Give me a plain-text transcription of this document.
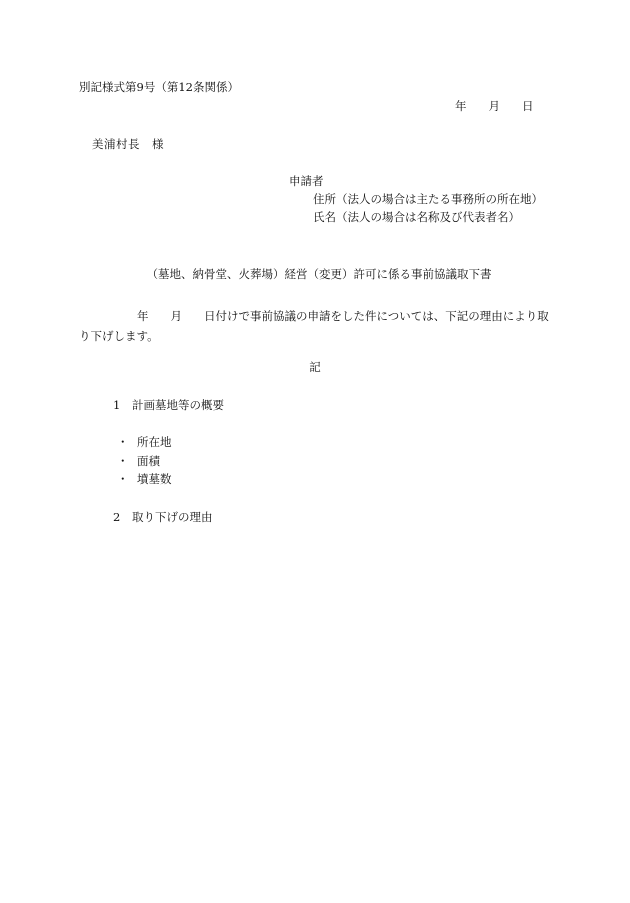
別記様式第9号（第12条関係）
年 月 日
美浦村長　様
申請者
住所（法人の場合は主たる事務所の所在地）
氏名（法人の場合は名称及び代表者名）
（墓地、納骨堂、火葬場）経営（変更）許可に係る事前協議取下書
年 月 日付けで事前協議の申請をした件については、下記の理由により取り下げします。
記
1 計画墓地等の概要
・ 所在地
・ 面積
・ 墳墓数
2 取り下げの理由
